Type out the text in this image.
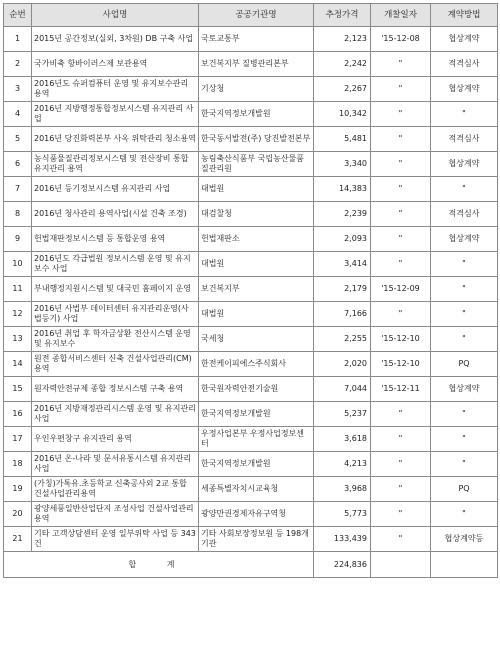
순번	사업명	공공기관명	추정가격	개찰일자	계약방법
1	2015년 공간정보(실외, 3차원) DB 구축 사업	국토교통부	2,123	'15-12-08	협상계약
2	국가비축 항바이러스제 보관용역	보건복지부 질병관리본부	2,242	"	적격심사
3	2016년도 슈퍼컴퓨터 운영 및 유지보수관리 용역	기상청	2,267	"	협상계약
4	2016년 지방행정통합정보시스템 유지관리 사업	한국지역정보개발원	10,342	"	"
5	2016년 당진화력본부 사옥 위탁관리 청소용역	한국동서발전(주) 당진발전본부	5,481	"	적격심사
6	농식품물질관리정보시스템 및 전산장비 통합 유지관리 용역	농림축산식품부 국립농산물품질관리원	3,340	"	협상계약
7	2016년 등기정보시스템 유지관리 사업	대법원	14,383	"	"
8	2016년 청사관리 용역사업(시설 건축 조경)	대검찰청	2,239	"	적격심사
9	헌법재판정보시스템 등 통합운영 용역	헌법재판소	2,093	"	협상계약
10	2016년도 각급법원 정보시스템 운영 및 유지보수 사업	대법원	3,414	"	"
11	부내행정지원시스템 및 대국민 홈페이지 운영	보건복지부	2,179	'15-12-09	"
12	2016년 사법부 데이터센터 유지관리운영(사법등기) 사업	대법원	7,166	"	"
13	2016년 취업 후 학자금상환 전산시스템 운영 및 유지보수	국세청	2,255	'15-12-10	"
14	원전 종합서비스센터 신축 건설사업관리(CM) 용역	한전케이피에스주식회사	2,020	'15-12-10	PQ
15	원자력안전규제 종합 정보시스템 구축 용역	한국원자력안전기술원	7,044	'15-12-11	협상계약
16	2016년 지방재정관리시스템 운영 및 유지관리 사업	한국지역정보개발원	5,237	"	"
17	우인우편창구 유지관리 용역	우정사업본부 우정사업정보센터	3,618	"	"
18	2016년 온-나라 및 문서유통시스템 유지관리 사업	한국지역정보개발원	4,213	"	"
19	(가칭)가톡유.초등학교 신축공사외 2교 통합 건설사업관리용역	세종특별자치시교육청	3,968	"	PQ
20	광양세풍일반산업단지 조성사업 건설사업관리 용역	광양만권경제자유구역청	5,773	"	"
21	기타 고객상담센터 운영 일부위탁 사업 등 343건	기타 사회보장정보원 등 198개기관	133,439	"	협상계약등
합 계			224,836		
